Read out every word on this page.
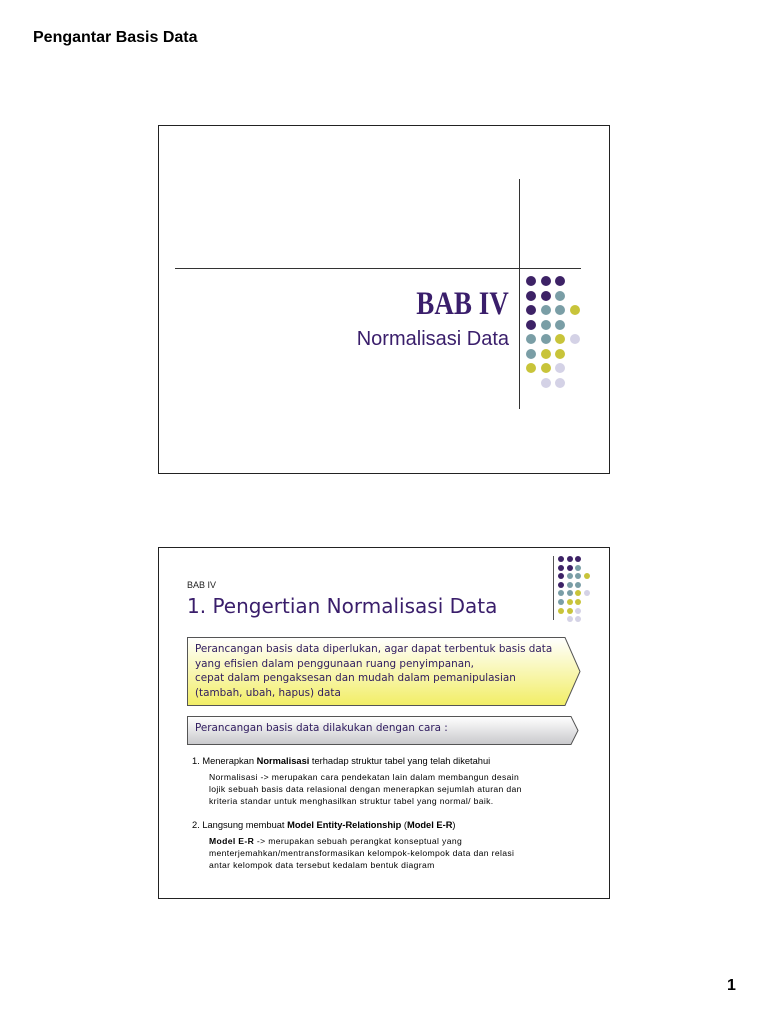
Pengantar Basis Data
BAB IV
Normalisasi Data
BAB IV
1. Pengertian Normalisasi Data
Perancangan basis data diperlukan, agar dapat terbentuk basis data
yang efisien dalam penggunaan ruang penyimpanan,
cepat dalam pengaksesan dan mudah dalam pemanipulasian
(tambah, ubah, hapus) data
Perancangan basis data dilakukan dengan cara :
1. Menerapkan Normalisasi terhadap struktur tabel yang telah diketahui
Normalisasi -> merupakan cara pendekatan lain dalam membangun desain
lojik sebuah basis data relasional dengan menerapkan sejumlah aturan dan
kriteria standar untuk menghasilkan struktur tabel yang normal/ baik.
2. Langsung membuat Model Entity-Relationship (Model E-R)
Model E-R -> merupakan sebuah perangkat konseptual yang
menterjemahkan/mentransformasikan kelompok-kelompok data dan relasi
antar kelompok data tersebut kedalam bentuk diagram
1
